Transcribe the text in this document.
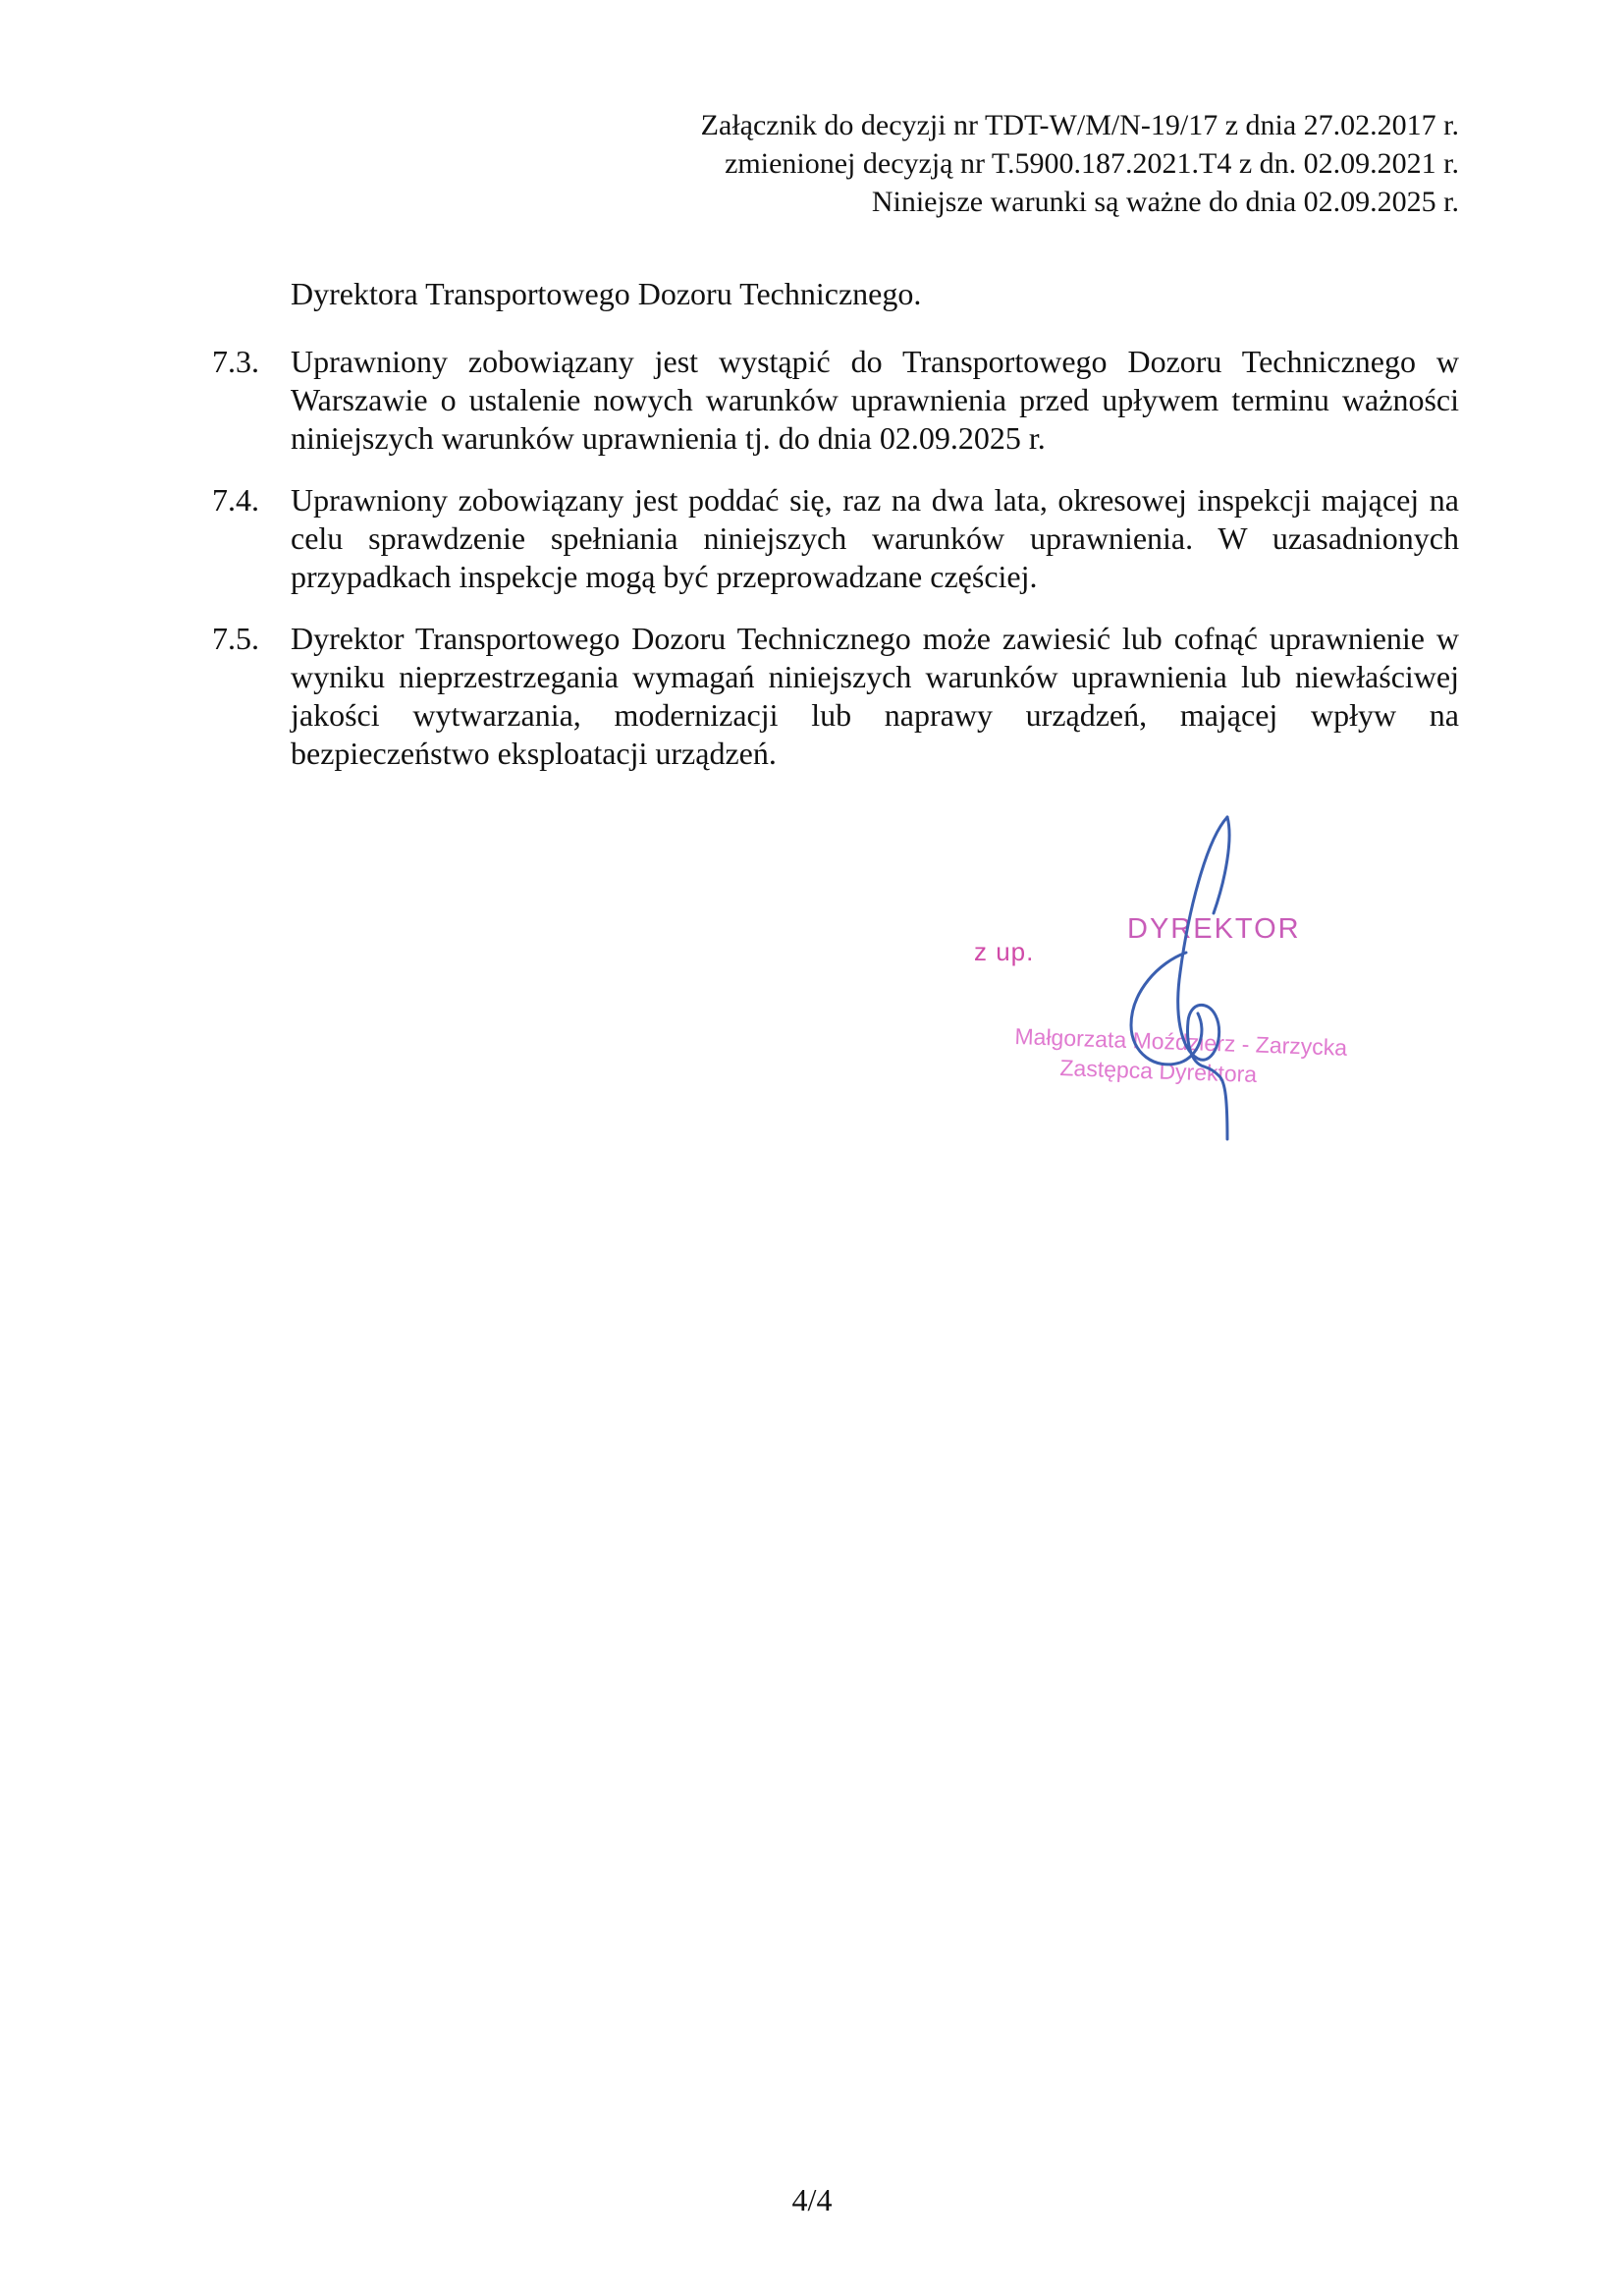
Załącznik do decyzji nr TDT-W/M/N-19/17 z dnia 27.02.2017 r.
zmienionej decyzją nr T.5900.187.2021.T4 z dn. 02.09.2021 r.
Niniejsze warunki są ważne do dnia 02.09.2025 r.

Dyrektora Transportowego Dozoru Technicznego.

7.3. Uprawniony zobowiązany jest wystąpić do Transportowego Dozoru Technicznego w Warszawie o ustalenie nowych warunków uprawnienia przed upływem terminu ważności niniejszych warunków uprawnienia tj. do dnia 02.09.2025 r.
7.4. Uprawniony zobowiązany jest poddać się, raz na dwa lata, okresowej inspekcji mającej na celu sprawdzenie spełniania niniejszych warunków uprawnienia. W uzasadnionych przypadkach inspekcje mogą być przeprowadzane częściej.
7.5. Dyrektor Transportowego Dozoru Technicznego może zawiesić lub cofnąć uprawnienie w wyniku nieprzestrzegania wymagań niniejszych warunków uprawnienia lub niewłaściwej jakości wytwarzania, modernizacji lub naprawy urządzeń, mającej wpływ na bezpieczeństwo eksploatacji urządzeń.
z up.
DYREKTOR
Małgorzata Moździerz - Zarzycka
Zastępca Dyrektora
4/4
